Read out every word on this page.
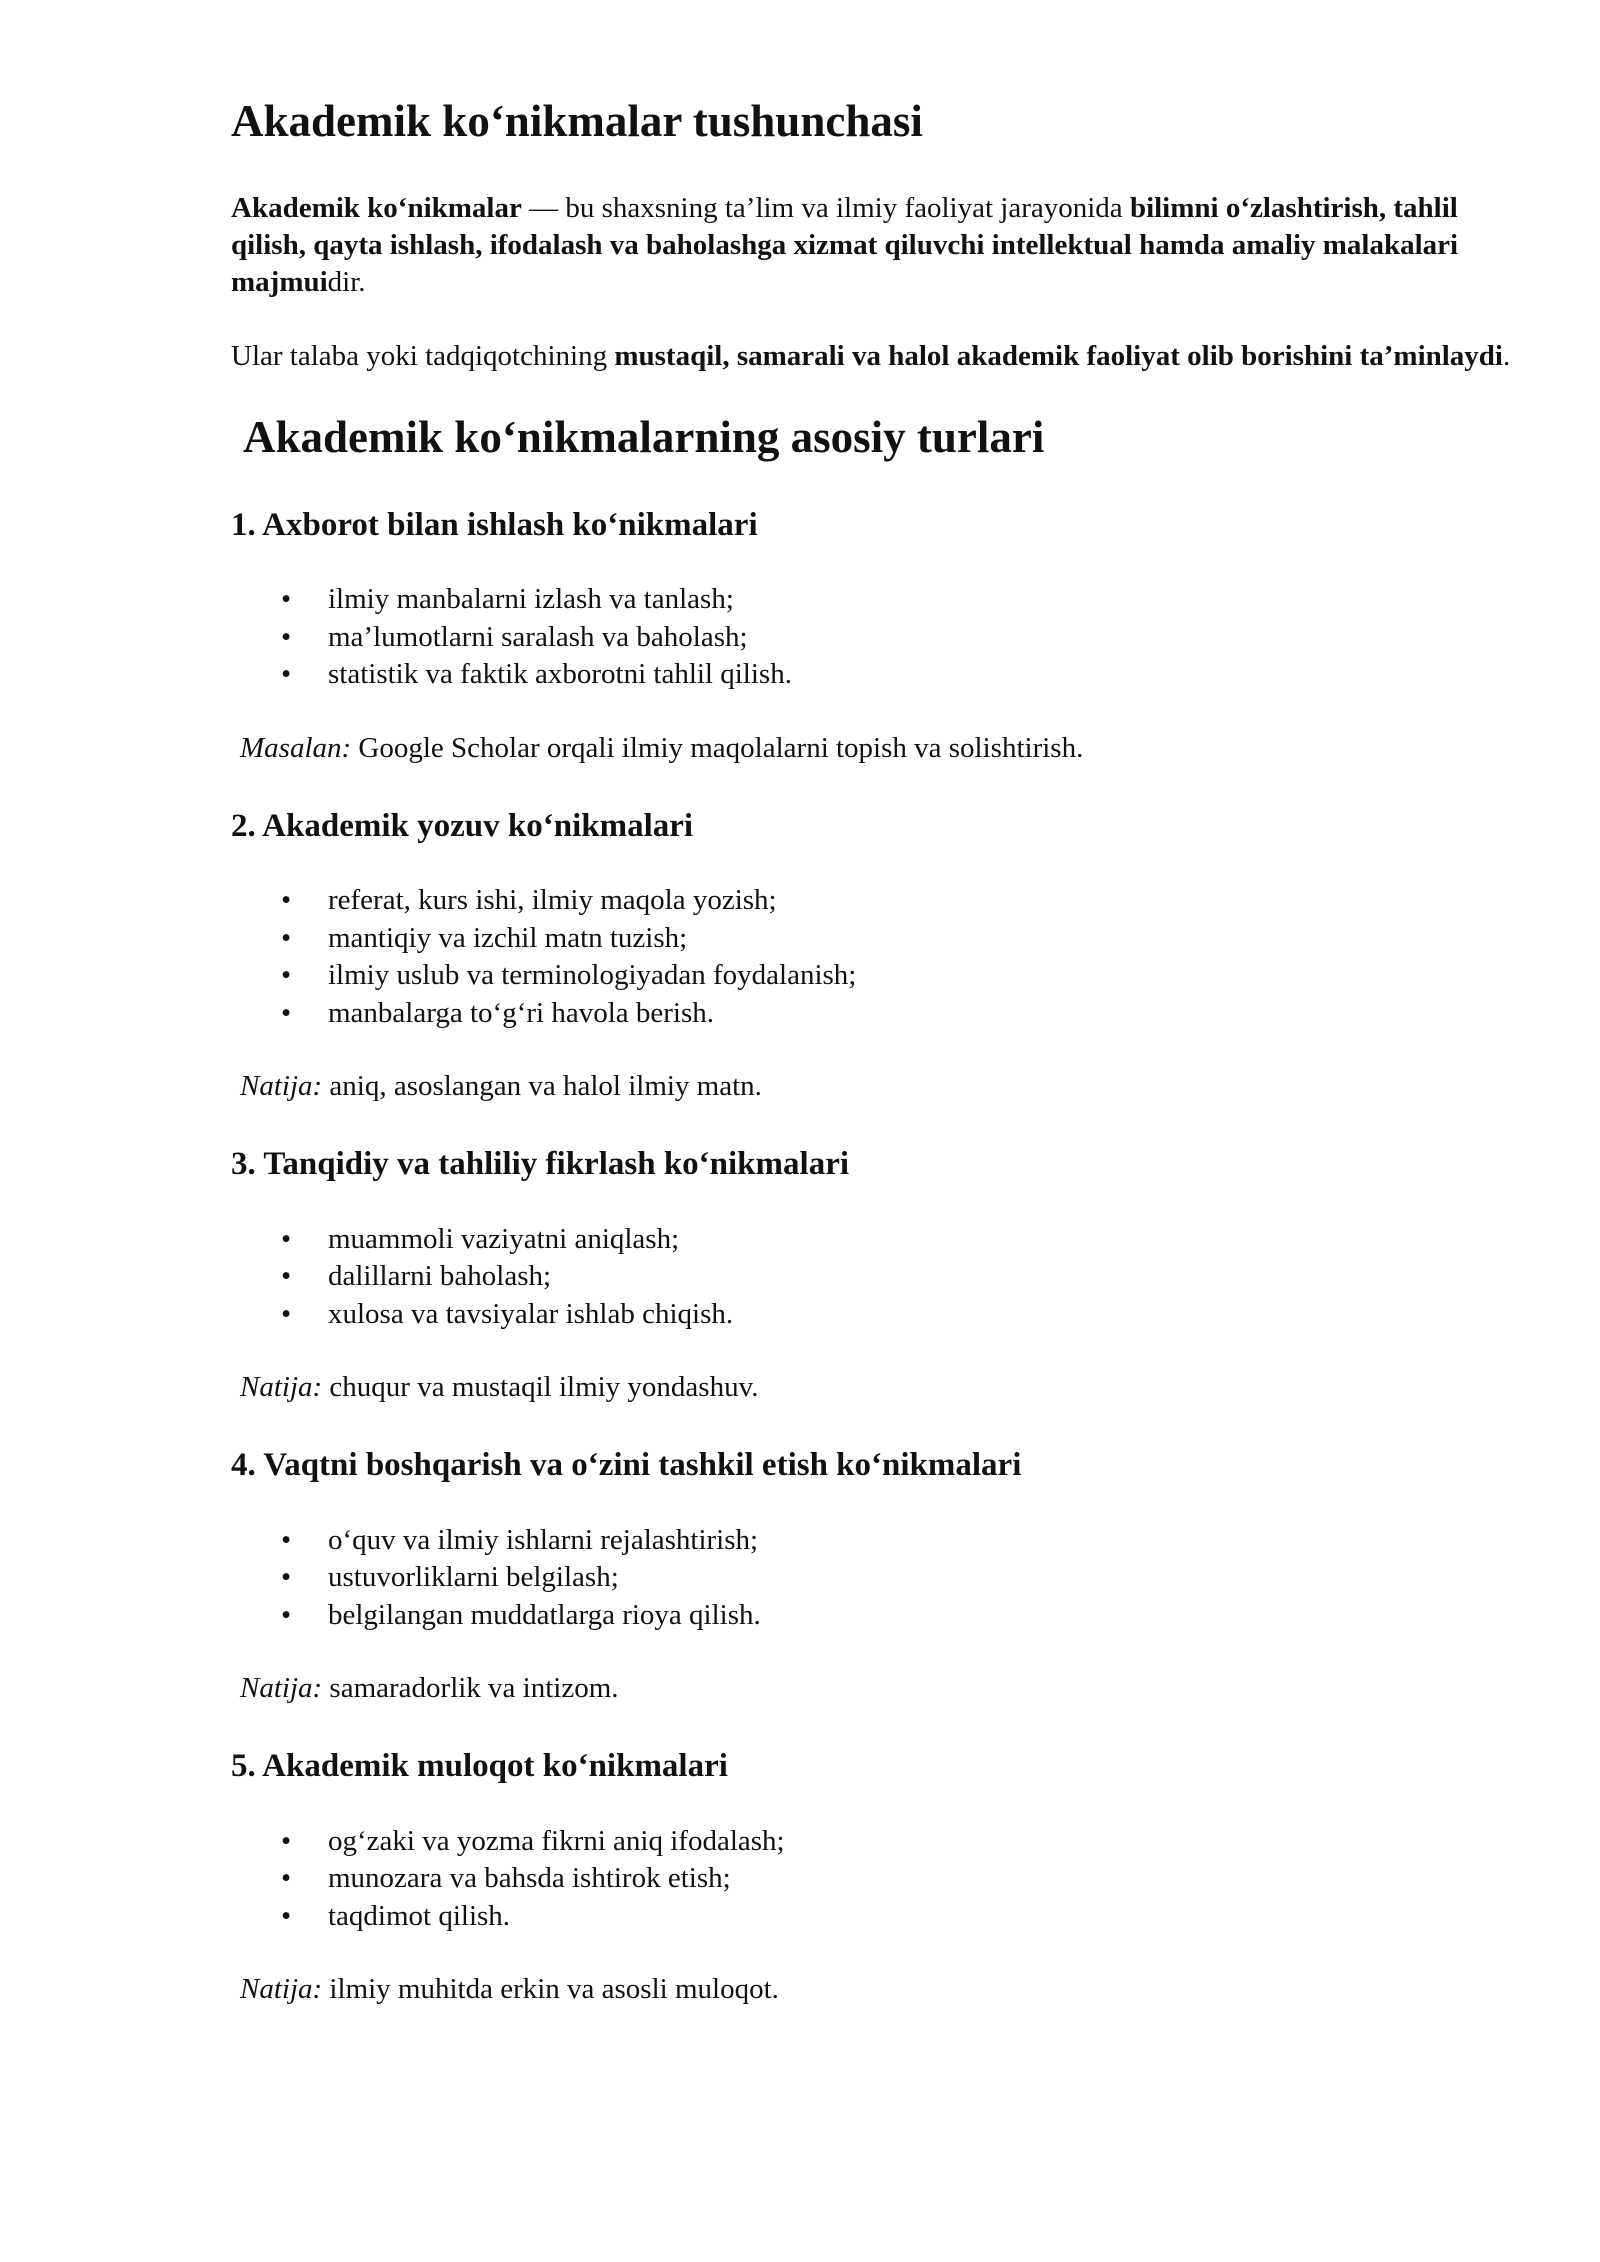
Akademik ko‘nikmalar tushunchasi

Akademik ko‘nikmalar — bu shaxsning ta’lim va ilmiy faoliyat jarayonida bilimni o‘zlashtirish, tahlil qilish, qayta ishlash, ifodalash va baholashga xizmat qiluvchi intellektual hamda amaliy malakalari majmuidir.

Ular talaba yoki tadqiqotchining mustaqil, samarali va halol akademik faoliyat olib borishini ta’minlaydi.

Akademik ko‘nikmalarning asosiy turlari
1. Axborot bilan ishlash ko‘nikmalari
• ilmiy manbalarni izlash va tanlash;
• ma’lumotlarni saralash va baholash;
• statistik va faktik axborotni tahlil qilish.

Masalan: Google Scholar orqali ilmiy maqolalarni topish va solishtirish.

2. Akademik yozuv ko‘nikmalari
• referat, kurs ishi, ilmiy maqola yozish;
• mantiqiy va izchil matn tuzish;
• ilmiy uslub va terminologiyadan foydalanish;
• manbalarga to‘g‘ri havola berish.

Natija: aniq, asoslangan va halol ilmiy matn.

3. Tanqidiy va tahliliy fikrlash ko‘nikmalari
• muammoli vaziyatni aniqlash;
• dalillarni baholash;
• xulosa va tavsiyalar ishlab chiqish.

Natija: chuqur va mustaqil ilmiy yondashuv.

4. Vaqtni boshqarish va o‘zini tashkil etish ko‘nikmalari
• o‘quv va ilmiy ishlarni rejalashtirish;
• ustuvorliklarni belgilash;
• belgilangan muddatlarga rioya qilish.

Natija: samaradorlik va intizom.

5. Akademik muloqot ko‘nikmalari
• og‘zaki va yozma fikrni aniq ifodalash;
• munozara va bahsda ishtirok etish;
• taqdimot qilish.

Natija: ilmiy muhitda erkin va asosli muloqot.
